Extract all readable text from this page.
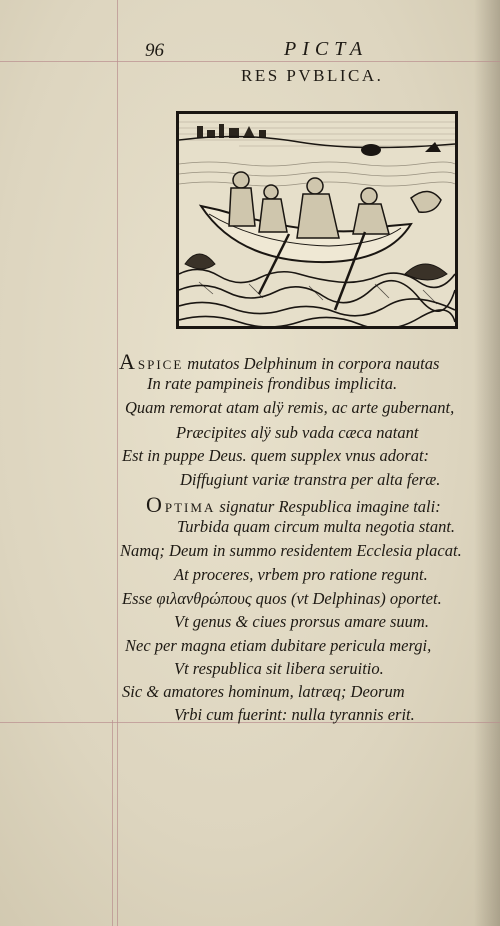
96	PICTA
RES PVBLICA.
ASPICE mutatos Delphinum in corpora nautas
In rate pampineis frondibus implicita.
Quam remorat atam alÿ remis, ac arte gubernant,
Præcipites alÿ sub vada cæca natant
Est in puppe Deus. quem supplex vnus adorat:
Diffugiunt variæ transtra per alta feræ.
OPTIMA signatur Respublica imagine tali:
Turbida quam circum multa negotia stant.
Namq; Deum in summo residentem Ecclesia placat.
At proceres, vrbem pro ratione regunt.
Esse φιλανθρώπους quos (vt Delphinas) oportet.
Vt genus & ciues prorsus amare suum.
Nec per magna etiam dubitare pericula mergi,
Vt respublica sit libera seruitio.
Sic & amatores hominum, latræq; Deorum
Vrbi cum fuerint: nulla tyrannis erit.
